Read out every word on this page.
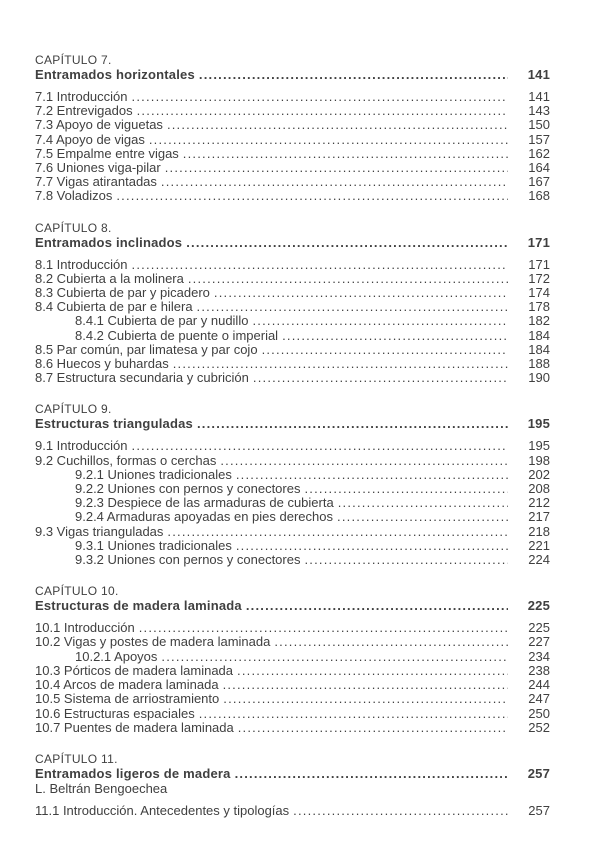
CAPÍTULO 7.
Entramados horizontales .....	141
7.1 Introducción .....	141
7.2 Entrevigados .....	143
7.3 Apoyo de viguetas .....	150
7.4 Apoyo de vigas .....	157
7.5 Empalme entre vigas .....	162
7.6 Uniones viga-pilar .....	164
7.7 Vigas atirantadas .....	167
7.8 Voladizos .....	168
CAPÍTULO 8.
Entramados inclinados .....	171
8.1 Introducción .....	171
8.2 Cubierta a la molinera .....	172
8.3 Cubierta de par y picadero .....	174
8.4 Cubierta de par e hilera .....	178
8.4.1 Cubierta de par y nudillo .....	182
8.4.2 Cubierta de puente o imperial .....	184
8.5 Par común, par limatesa y par cojo .....	184
8.6 Huecos y buhardas .....	188
8.7 Estructura secundaria y cubrición .....	190
CAPÍTULO 9.
Estructuras trianguladas .....	195
9.1 Introducción .....	195
9.2 Cuchillos, formas o cerchas .....	198
9.2.1 Uniones tradicionales .....	202
9.2.2 Uniones con pernos y conectores .....	208
9.2.3 Despiece de las armaduras de cubierta .....	212
9.2.4 Armaduras apoyadas en pies derechos .....	217
9.3 Vigas trianguladas .....	218
9.3.1 Uniones tradicionales .....	221
9.3.2 Uniones con pernos y conectores .....	224
CAPÍTULO 10.
Estructuras de madera laminada .....	225
10.1 Introducción .....	225
10.2 Vigas y postes de madera laminada .....	227
10.2.1 Apoyos .....	234
10.3 Pórticos de madera laminada .....	238
10.4 Arcos de madera laminada .....	244
10.5 Sistema de arriostramiento .....	247
10.6 Estructuras espaciales .....	250
10.7 Puentes de madera laminada .....	252
CAPÍTULO 11.
Entramados ligeros de madera .....	257
L. Beltrán Bengoechea
11.1 Introducción. Antecedentes y tipologías .....	257
